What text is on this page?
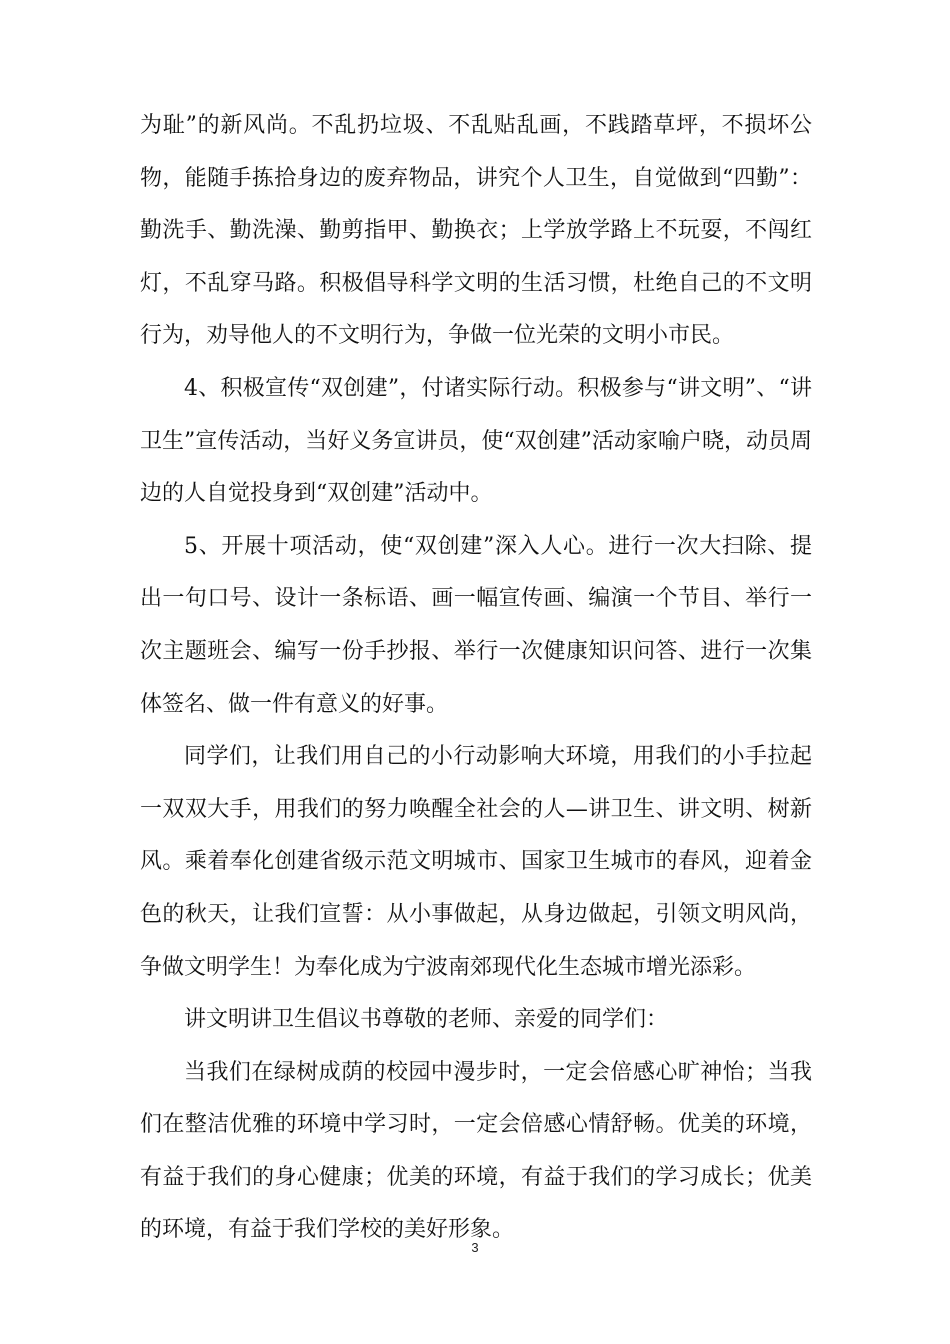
为耻”的新风尚。不乱扔垃圾、不乱贴乱画，不践踏草坪，不损坏公物，能随手拣拾身边的废弃物品，讲究个人卫生，自觉做到“四勤”：勤洗手、勤洗澡、勤剪指甲、勤换衣；上学放学路上不玩耍，不闯红灯，不乱穿马路。积极倡导科学文明的生活习惯，杜绝自己的不文明行为，劝导他人的不文明行为，争做一位光荣的文明小市民。

4、积极宣传“双创建”，付诸实际行动。积极参与“讲文明”、“讲卫生”宣传活动，当好义务宣讲员，使“双创建”活动家喻户晓，动员周边的人自觉投身到“双创建”活动中。

5、开展十项活动，使“双创建”深入人心。进行一次大扫除、提出一句口号、设计一条标语、画一幅宣传画、编演一个节目、举行一次主题班会、编写一份手抄报、举行一次健康知识问答、进行一次集体签名、做一件有意义的好事。

同学们，让我们用自己的小行动影响大环境，用我们的小手拉起一双双大手，用我们的努力唤醒全社会的人—讲卫生、讲文明、树新风。乘着奉化创建省级示范文明城市、国家卫生城市的春风，迎着金色的秋天，让我们宣誓：从小事做起，从身边做起，引领文明风尚，争做文明学生！为奉化成为宁波南郊现代化生态城市增光添彩。

讲文明讲卫生倡议书尊敬的老师、亲爱的同学们：

当我们在绿树成荫的校园中漫步时，一定会倍感心旷神怡；当我们在整洁优雅的环境中学习时，一定会倍感心情舒畅。优美的环境，有益于我们的身心健康；优美的环境，有益于我们的学习成长；优美的环境，有益于我们学校的美好形象。

3
